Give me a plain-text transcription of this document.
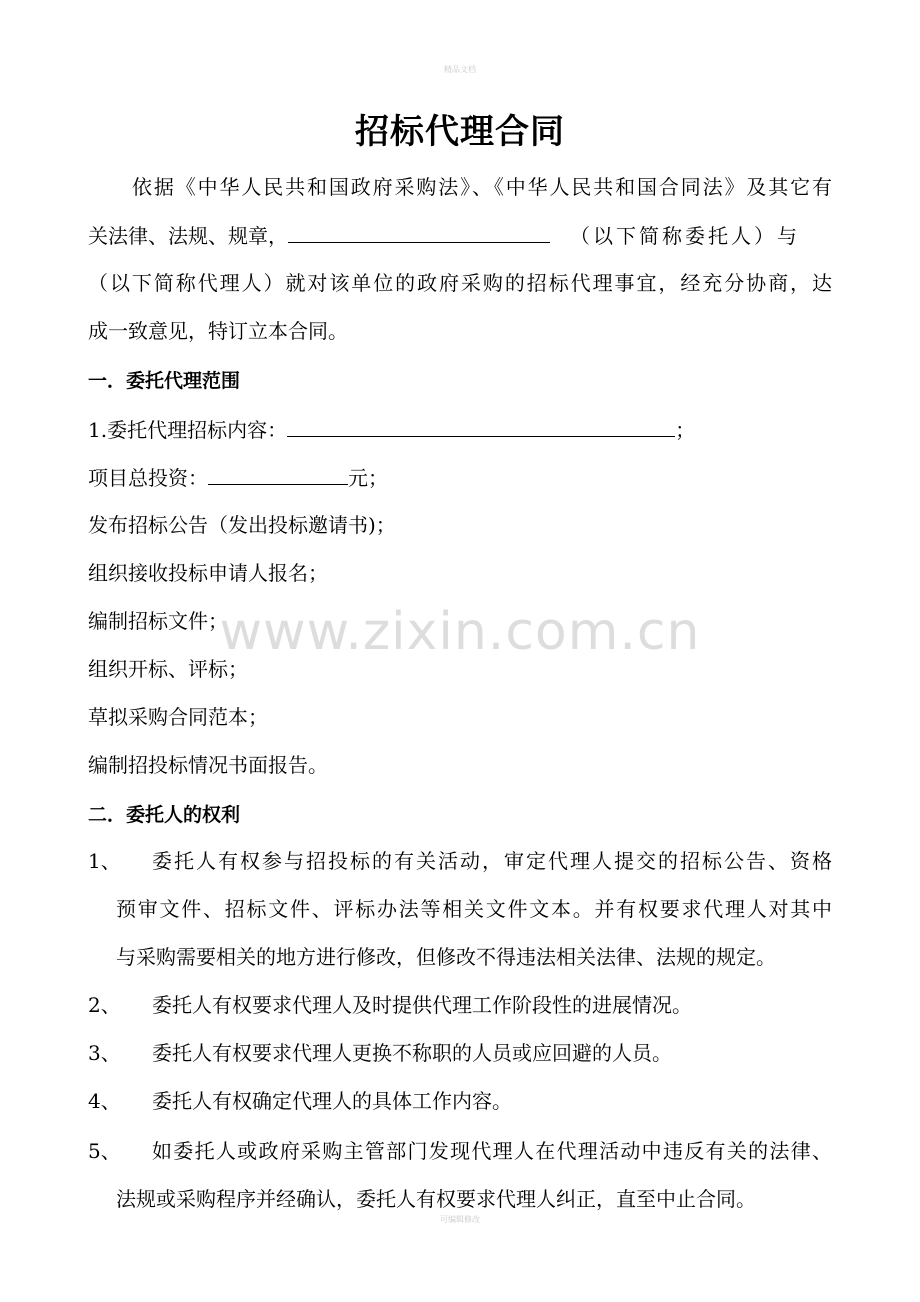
精品文档
招标代理合同
依据《中华人民共和国政府采购法》、《中华人民共和国合同法》及其它有
关法律、法规、规章，	（以下简称委托人）与
（以下简称代理人）就对该单位的政府采购的招标代理事宜，经充分协商，达
成一致意见，特订立本合同。
一．委托代理范围
1.委托代理招标内容：	；
项目总投资：	元；
发布招标公告（发出投标邀请书)；
组织接收投标申请人报名；
编制招标文件；
组织开标、评标；
草拟采购合同范本；
编制招投标情况书面报告。
二．委托人的权利
1、 委托人有权参与招投标的有关活动，审定代理人提交的招标公告、资格
预审文件、招标文件、评标办法等相关文件文本。并有权要求代理人对其中
与采购需要相关的地方进行修改，但修改不得违法相关法律、法规的规定。
2、 委托人有权要求代理人及时提供代理工作阶段性的进展情况。
3、 委托人有权要求代理人更换不称职的人员或应回避的人员。
4、 委托人有权确定代理人的具体工作内容。
5、 如委托人或政府采购主管部门发现代理人在代理活动中违反有关的法律、
法规或采购程序并经确认，委托人有权要求代理人纠正，直至中止合同。
www.zixin.com.cn
可编辑修改
